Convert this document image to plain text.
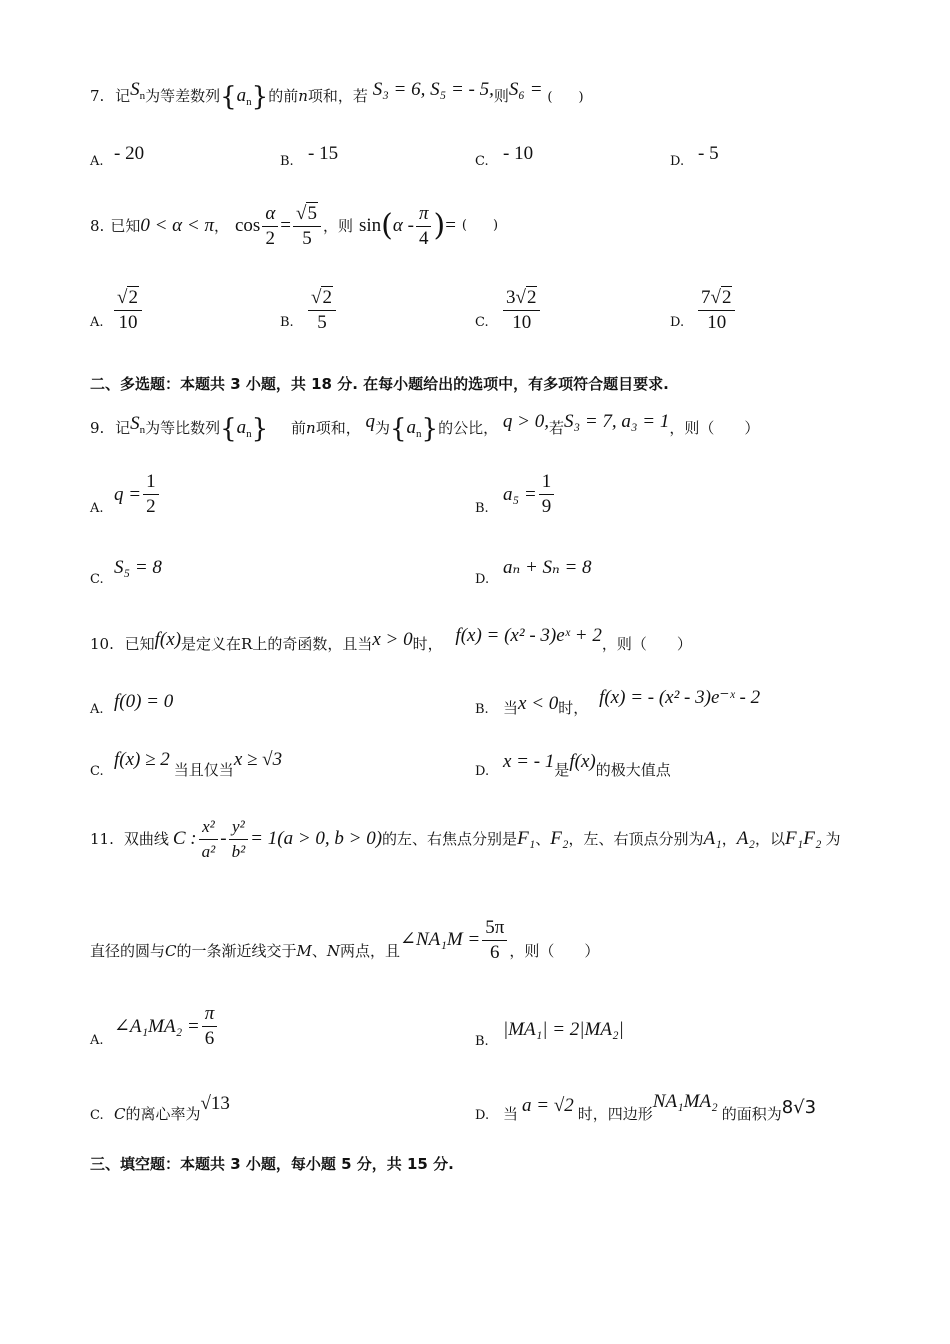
7. 记$S_n$为等差数列$\{a_n\}$的前n项和，若 S₃ = 6, S₅ = - 5,则S₆ = (　　)
A. - 20	B. - 15	C. - 10	D. - 5
8. 已知 0 < α < π ， $\cos \frac{\alpha}{2} = \frac{√5}{5}$ ，则 sin ( α - $\frac{\pi}{4}$ ) = (　　)
A. $\frac{√2}{10}$	B. $\frac{√2}{5}$	C. $\frac{3√2}{10}$	D. $\frac{7√2}{10}$
二、多选题：本题共 3 小题，共 18 分. 在每小题给出的选项中，有多项符合题目要求.
9. 记$S_n$为等比数列$\{a_n\}$ 前n项和， q为$\{a_n\}$的公比， q > 0,若S₃ = 7, a₃ = 1，则（　　）
A.
$q = \frac{1}{2}$	B.
$a_5 = \frac{1}{9}$
C.S₅ = 8
D.aₙ + Sₙ = 8
10. 已知f(x)是定义在R上的奇函数，且当x > 0时， f(x) = (x² - 3)eˣ + 2，则（　　）
A. f(0) = 0	B. 当x < 0时， f(x) = - (x² - 3)e⁻ˣ - 2
C.f(x) ≥ 2 当且仅当x ≥ √3
D. x = - 1是f(x)的极大值点
11. 双曲线 C : $\frac{\text{x²}}{\text{a²}} - \frac{\text{y²}}{\text{b²}} = 1(a > 0$, b > 0) 的左、右焦点分别是 F₁ 、 F₂ ，左、右顶点分别为 A₁ ， A₂ ，以 F₁F₂ 为
直径的圆与 C 的一条渐近线交于 M 、 N 两点，且
∠NA₁M = $\frac{5\pi}{6}$ ，则（　　）
A.
∠A₁MA₂ = $\frac{\pi}{6}$	B.|MA₁| = 2|MA₂|
C. C的离心率为√13
D. 当 a = √2 时，四边形NA₁MA₂的面积为8√3
三、填空题：本题共 3 小题，每小题 5 分，共 15 分.
